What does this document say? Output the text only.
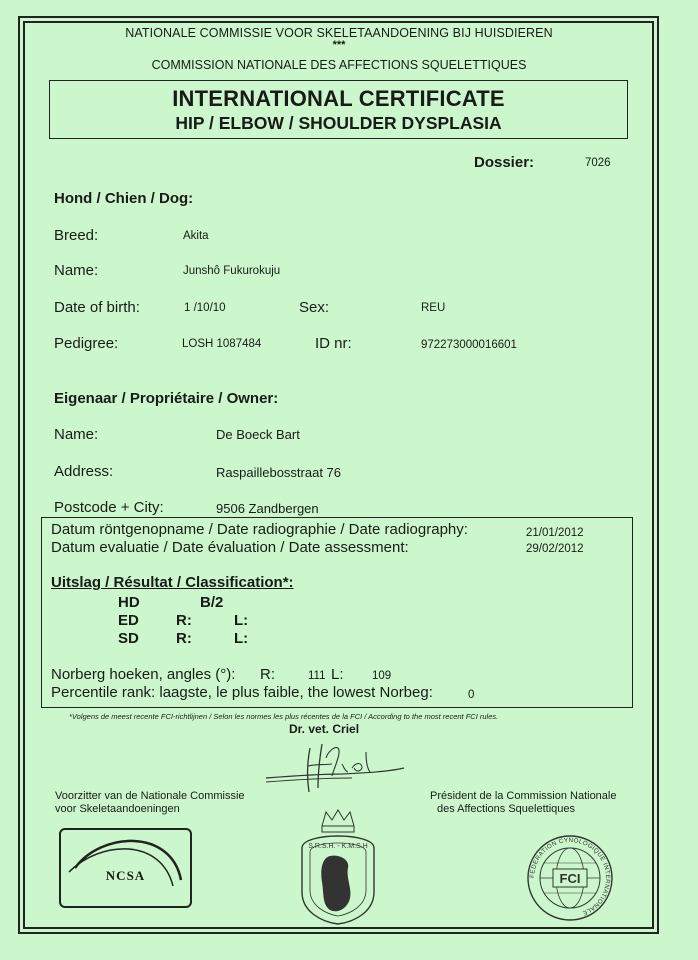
NATIONALE COMMISSIE VOOR SKELETAANDOENING BIJ HUISDIEREN
***
COMMISSION NATIONALE DES AFFECTIONS SQUELETTIQUES
INTERNATIONAL CERTIFICATE
HIP / ELBOW / SHOULDER DYSPLASIA
Dossier:	7026
Hond / Chien / Dog:
Breed:	Akita
Name:	Junshô Fukurokuju
Date of birth:	1 /10/10	Sex:	REU
Pedigree:	LOSH 1087484	ID nr:	972273000016601
Eigenaar / Propriétaire / Owner:
Name:	De Boeck Bart
Address:	Raspaillebosstraat 76
Postcode + City:	9506 Zandbergen
Datum röntgenopname / Date radiographie / Date radiography:	21/01/2012
Datum evaluatie / Date évaluation / Date assessment:	29/02/2012
Uitslag / Résultat / Classification*:
HD	B/2
ED R:	L:
SD R:	L:
Norberg hoeken, angles (°): R:	111 L: 109
Percentile rank: laagste, le plus faible, the lowest Norbeg:	0
*Volgens de meest recente FCI-richtlijnen / Selon les normes les plus récentes de la FCI / According to the most recent FCI rules.
Dr. vet. Criel
Voorzitter van de Nationale Commissie
voor Skeletaandoeningen
Président de la Commission Nationale
des Affections Squelettiques
NCSA
S.R.S.H. - K.M.S.H
FCI
FEDERATION CYNOLOGIQUE INTERNATIONALE
